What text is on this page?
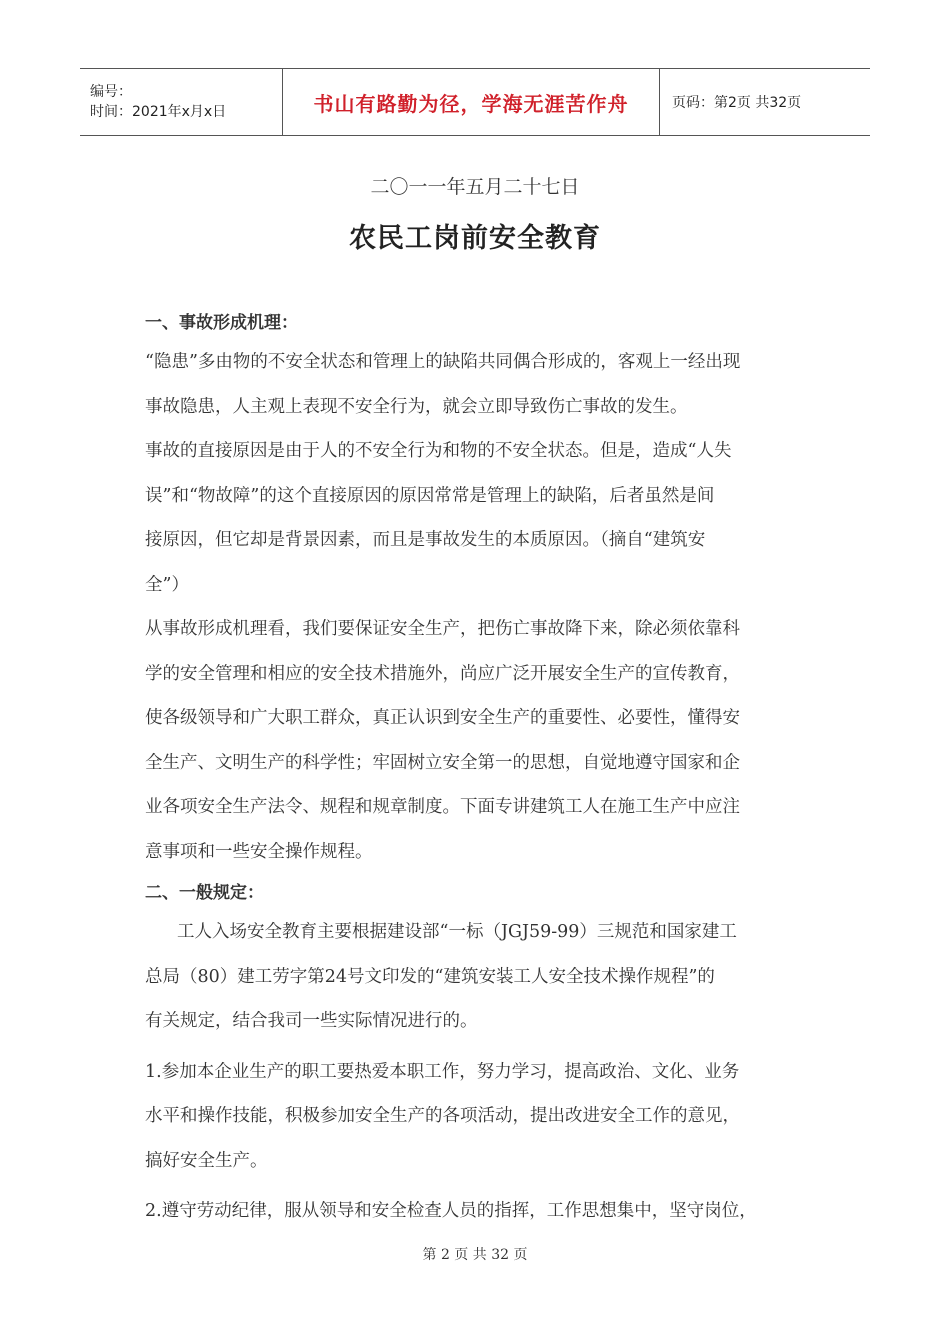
编号：
时间：2021年x月x日	书山有路勤为径，学海无涯苦作舟	页码：第2页 共32页
二〇一一年五月二十七日
农民工岗前安全教育
一、事故形成机理：
“隐患”多由物的不安全状态和管理上的缺陷共同偶合形成的，客观上一经出现
事故隐患，人主观上表现不安全行为，就会立即导致伤亡事故的发生。
事故的直接原因是由于人的不安全行为和物的不安全状态。但是，造成“人失
误”和“物故障”的这个直接原因的原因常常是管理上的缺陷，后者虽然是间
接原因，但它却是背景因素，而且是事故发生的本质原因。（摘自“建筑安
全”）
从事故形成机理看，我们要保证安全生产，把伤亡事故降下来，除必须依靠科
学的安全管理和相应的安全技术措施外，尚应广泛开展安全生产的宣传教育，
使各级领导和广大职工群众，真正认识到安全生产的重要性、必要性，懂得安
全生产、文明生产的科学性；牢固树立安全第一的思想，自觉地遵守国家和企
业各项安全生产法令、规程和规章制度。下面专讲建筑工人在施工生产中应注
意事项和一些安全操作规程。
二、一般规定：
工人入场安全教育主要根据建设部“一标（JGJ59-99）三规范和国家建工
总局（80）建工劳字第24号文印发的“建筑安装工人安全技术操作规程”的
有关规定，结合我司一些实际情况进行的。
1.参加本企业生产的职工要热爱本职工作，努力学习，提高政治、文化、业务
水平和操作技能，积极参加安全生产的各项活动，提出改进安全工作的意见，
搞好安全生产。
2.遵守劳动纪律，服从领导和安全检查人员的指挥，工作思想集中，坚守岗位，
第 2 页 共 32 页
